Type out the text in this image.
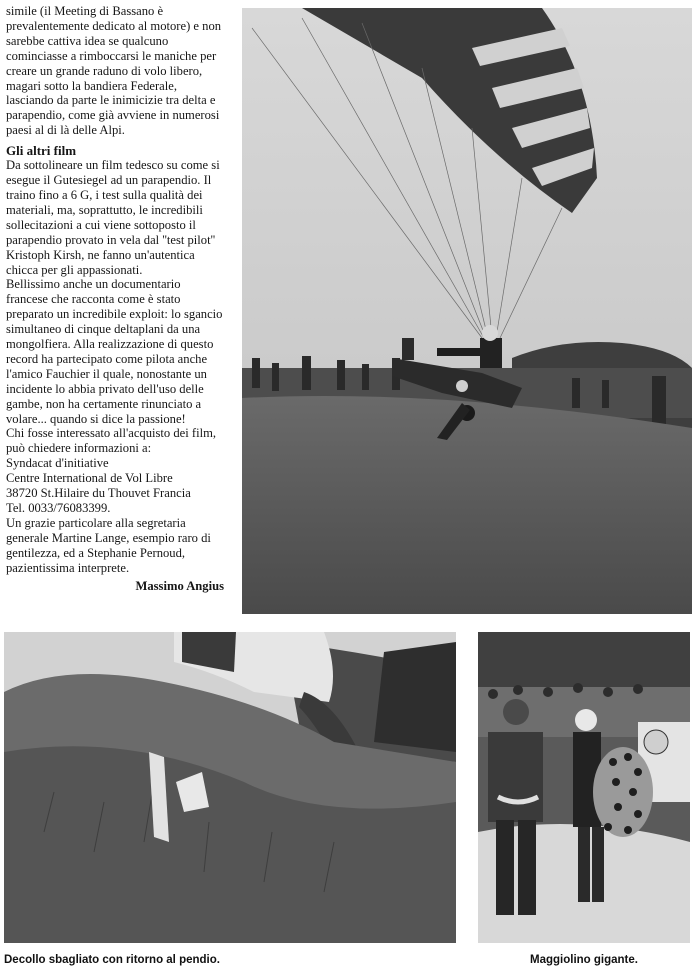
simile (il Meeting di Bassano è prevalentemente dedicato al motore) e non sarebbe cattiva idea se qualcuno cominciasse a rimboccarsi le maniche per creare un grande raduno di volo libero, magari sotto la bandiera Federale, lasciando da parte le inimicizie tra delta e parapendio, come già avviene in numerosi paesi al di là delle Alpi.

Gli altri film

Da sottolineare un film tedesco su come si esegue il Gutesiegel ad un parapendio. Il traino fino a 6 G, i test sulla qualità dei materiali, ma, soprattutto, le incredibili sollecitazioni a cui viene sottoposto il parapendio provato in vela dal ''test pilot'' Kristoph Kirsh, ne fanno un'autentica chicca per gli appassionati.

Bellissimo anche un documentario francese che racconta come è stato preparato un incredibile exploit: lo sgancio simultaneo di cinque deltaplani da una mongolfiera. Alla realizzazione di questo record ha partecipato come pilota anche l'amico Fauchier il quale, nonostante un incidente lo abbia privato dell'uso delle gambe, non ha certamente rinunciato a volare... quando si dice la passione!

Chi fosse interessato all'acquisto dei film, può chiedere informazioni a:

Syndacat d'initiative

Centre International de Vol Libre

38720 St.Hilaire du Thouvet Francia

Tel. 0033/76083399.

Un grazie particolare alla segretaria generale Martine Lange, esempio raro di gentilezza, ed a Stephanie Pernoud, pazientissima interprete.

Massimo Angius
Decollo sbagliato con ritorno al pendio.	Maggiolino gigante.
